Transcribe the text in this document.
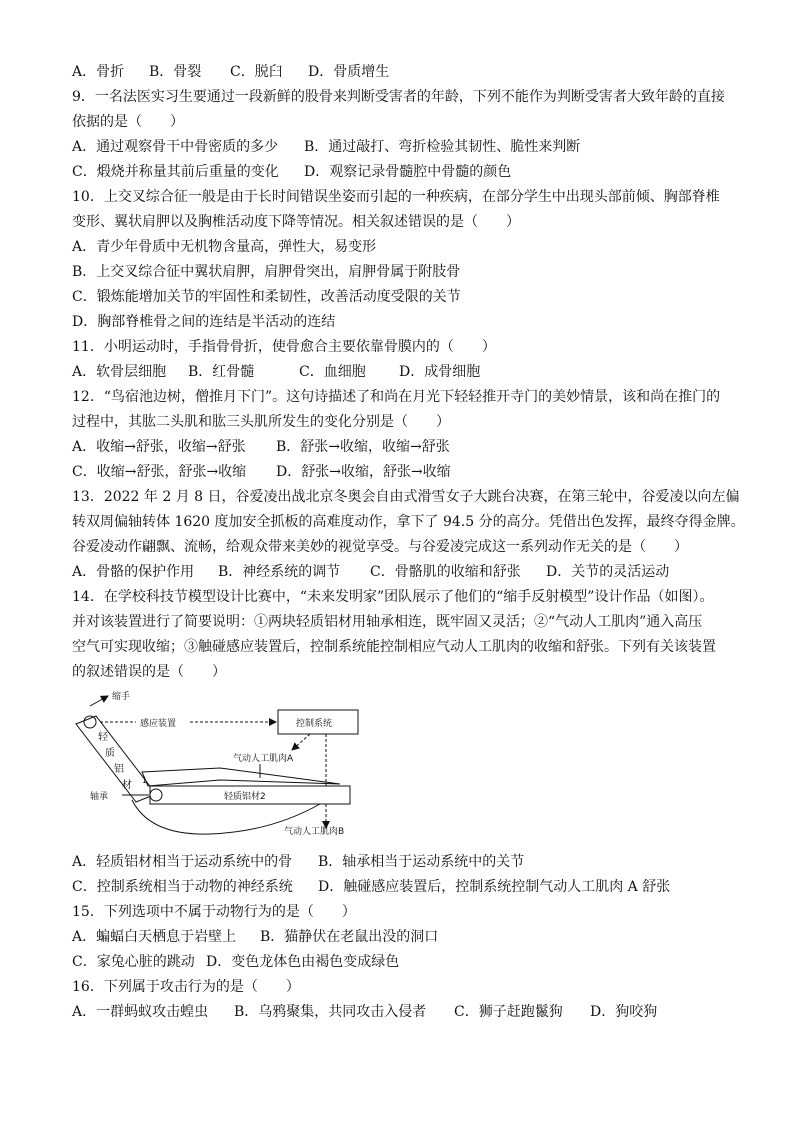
A．骨折 B．骨裂 C．脱臼 D．骨质增生
9．一名法医实习生要通过一段新鲜的股骨来判断受害者的年龄，下列不能作为判断受害者大致年龄的直接
依据的是（　　）
A．通过观察骨干中骨密质的多少 B．通过敲打、弯折检验其韧性、脆性来判断
C．煅烧并称量其前后重量的变化 D．观察记录骨髓腔中骨髓的颜色
10．上交叉综合征一般是由于长时间错误坐姿而引起的一种疾病，在部分学生中出现头部前倾、胸部脊椎
变形、翼状肩胛以及胸椎活动度下降等情况。相关叙述错误的是（　　）
A．青少年骨质中无机物含量高，弹性大，易变形
B．上交叉综合征中翼状肩胛，肩胛骨突出，肩胛骨属于附肢骨
C．锻炼能增加关节的牢固性和柔韧性，改善活动度受限的关节
D．胸部脊椎骨之间的连结是半活动的连结
11．小明运动时，手指骨骨折，使骨愈合主要依靠骨膜内的（　　）
A．软骨层细胞 B．红骨髓	C．血细胞 D．成骨细胞
12．“鸟宿池边树，僧推月下门”。这句诗描述了和尚在月光下轻轻推开寺门的美妙情景，该和尚在推门的
过程中，其肱二头肌和肱三头肌所发生的变化分别是（　　）
A．收缩→舒张，收缩→舒张 B．舒张→收缩，收缩→舒张
C．收缩→舒张，舒张→收缩 D．舒张→收缩，舒张→收缩
13．2022 年 2 月 8 日，谷爱凌出战北京冬奥会自由式滑雪女子大跳台决赛，在第三轮中，谷爱凌以向左偏
转双周偏轴转体 1620 度加安全抓板的高难度动作，拿下了 94.5 分的高分。凭借出色发挥，最终夺得金牌。
谷爱凌动作翩飘、流畅，给观众带来美妙的视觉享受。与谷爱凌完成这一系列动作无关的是（　　）
A．骨骼的保护作用 B．神经系统的调节 C．骨骼肌的收缩和舒张 D．关节的灵活运动
14．在学校科技节模型设计比赛中，“未来发明家”团队展示了他们的“缩手反射模型”设计作品（如图）。
并对该装置进行了简要说明：①两块轻质铝材用轴承相连，既牢固又灵活；②“气动人工肌肉”通入高压
空气可实现收缩；③触碰感应装置后，控制系统能控制相应气动人工肌肉的收缩和舒张。下列有关该装置
的叙述错误的是（　　）
缩手
轻
质
铝
材 1
感应装置	控制系统
气动人工肌肉A
轻质铝材2
轴承
气动人工肌肉B
A．轻质铝材相当于运动系统中的骨 B．轴承相当于运动系统中的关节
C．控制系统相当于动物的神经系统 D．触碰感应装置后，控制系统控制气动人工肌肉 A 舒张
15．下列选项中不属于动物行为的是（　　）
A．蝙蝠白天栖息于岩壁上 B．猫静伏在老鼠出没的洞口
C．家兔心脏的跳动 D．变色龙体色由褐色变成绿色
16．下列属于攻击行为的是（　　）
A．一群蚂蚁攻击蝗虫 B．乌鸦聚集，共同攻击入侵者 C．狮子赶跑鬣狗 D．狗咬狗
